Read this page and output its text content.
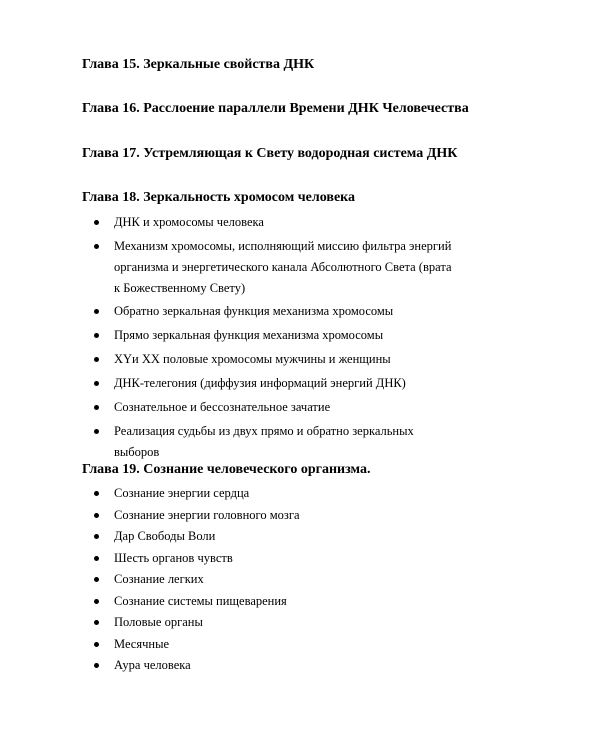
Глава 15. Зеркальные свойства ДНК
Глава 16. Расслоение параллели Времени ДНК Человечества
Глава 17. Устремляющая к Свету водородная система ДНК
Глава 18. Зеркальность хромосом человека
ДНК и хромосомы человека
Механизм хромосомы, исполняющий миссию фильтра энергий организма и энергетического канала Абсолютного Света (врата к Божественному Свету)
Обратно зеркальная функция механизма хромосомы
Прямо зеркальная функция механизма хромосомы
XYи XX половые хромосомы мужчины и женщины
ДНК-телегония (диффузия информаций энергий ДНК)
Сознательное и бессознательное зачатие
Реализация судьбы из двух прямо и обратно зеркальных выборов
Глава 19. Сознание человеческого организма.
Сознание энергии сердца
Сознание энергии головного мозга
Дар Свободы Воли
Шесть органов чувств
Сознание легких
Сознание системы пищеварения
Половые органы
Месячные
Аура человека
